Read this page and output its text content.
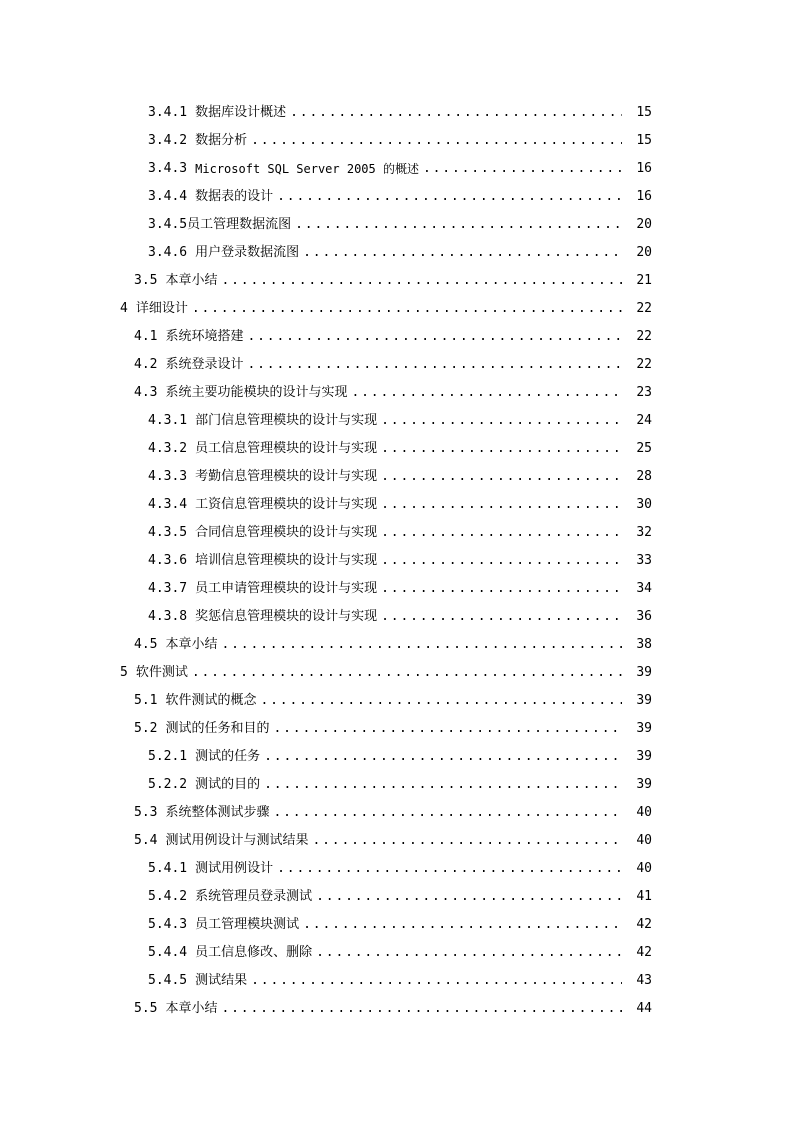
3.4.1 数据库设计概述 . . .	15
3.4.2 数据分析 . . .	15
3.4.3 Microsoft SQL Server 2005 的概述 . . .	16
3.4.4 数据表的设计 . . .	16
3.4.5 员工管理数据流图 . . .	20
3.4.6 用户登录数据流图 . . .	20
3.5 本章小结 . . .	21
4 详细设计 . . .	22
4.1 系统环境搭建 . . .	22
4.2 系统登录设计 . . .	22
4.3 系统主要功能模块的设计与实现 . . .	23
4.3.1 部门信息管理模块的设计与实现 . . .	24
4.3.2 员工信息管理模块的设计与实现 . . .	25
4.3.3 考勤信息管理模块的设计与实现 . . .	28
4.3.4 工资信息管理模块的设计与实现 . . .	30
4.3.5 合同信息管理模块的设计与实现 . . .	32
4.3.6 培训信息管理模块的设计与实现 . . .	33
4.3.7 员工申请管理模块的设计与实现 . . .	34
4.3.8 奖惩信息管理模块的设计与实现 . . .	36
4.5 本章小结 . . .	38
5 软件测试 . . .	39
5.1 软件测试的概念 . . .	39
5.2 测试的任务和目的 . . .	39
5.2.1 测试的任务 . . .	39
5.2.2 测试的目的 . . .	39
5.3 系统整体测试步骤 . . .	40
5.4 测试用例设计与测试结果 . . .	40
5.4.1 测试用例设计 . . .	40
5.4.2 系统管理员登录测试 . . .	41
5.4.3 员工管理模块测试 . . .	42
5.4.4 员工信息修改、删除 . . .	42
5.4.5 测试结果 . . .	43
5.5 本章小结 . . .	44
